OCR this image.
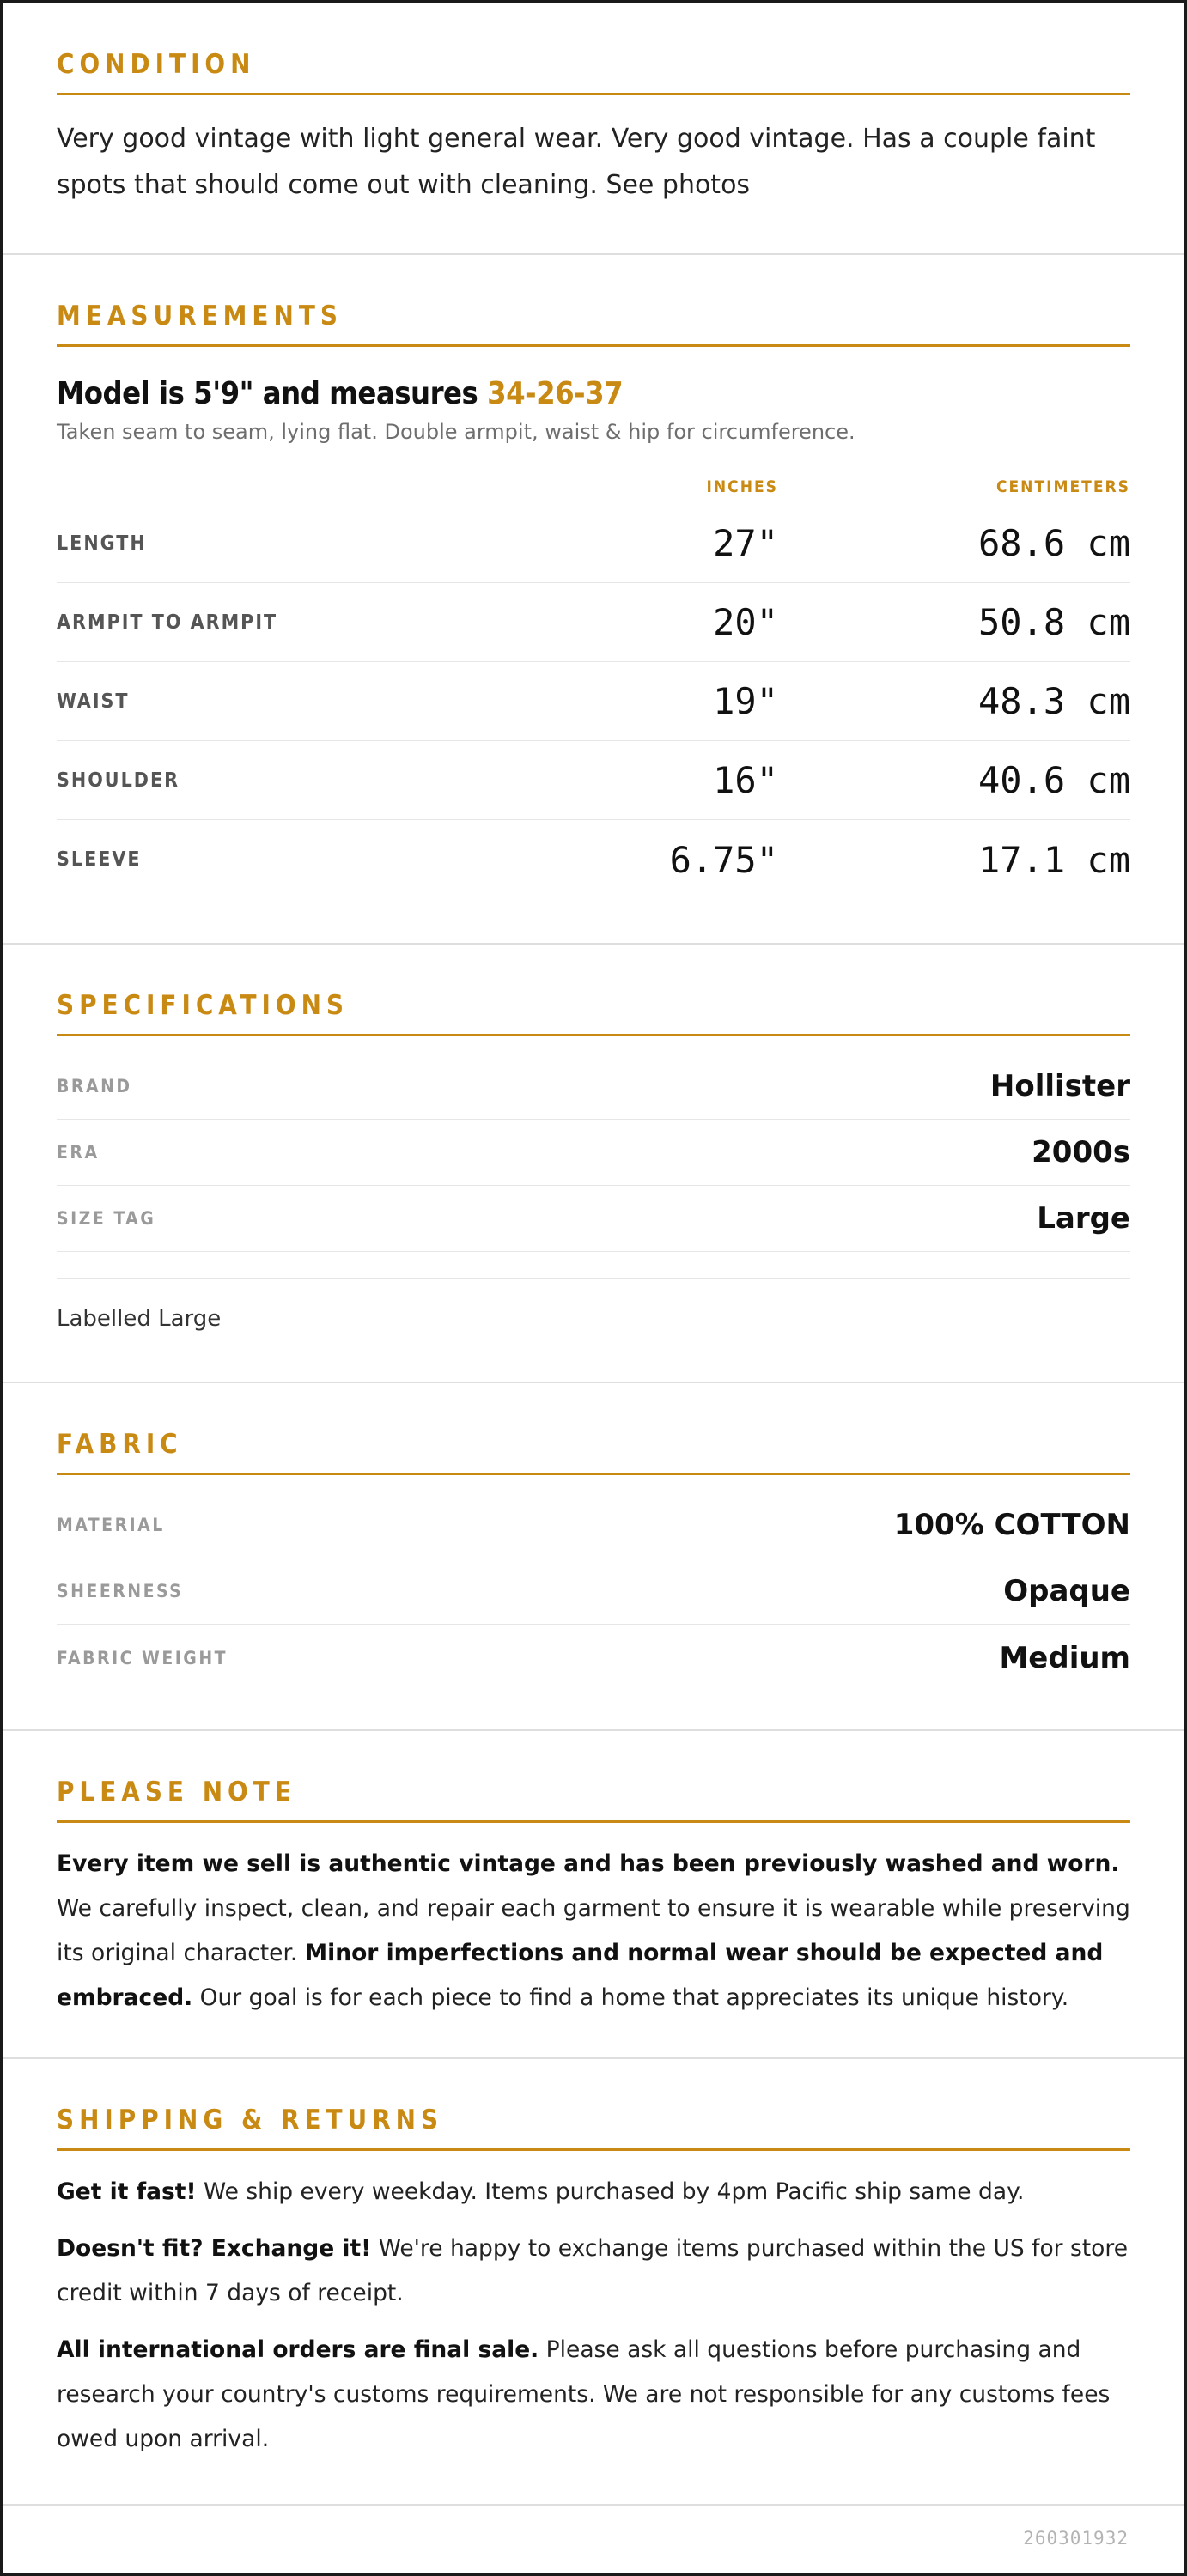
CONDITION

Very good vintage with light general wear. Very good vintage. Has a couple faint spots that should come out with cleaning. See photos

MEASUREMENTS
Model is 5'9" and measures 34-26-37
Taken seam to seam, lying flat. Double armpit, waist & hip for circumference.
INCHES	CENTIMETERS
LENGTH	27"	68.6 cm
ARMPIT TO ARMPIT	20"	50.8 cm
WAIST	19"	48.3 cm
SHOULDER	16"	40.6 cm
SLEEVE	6.75"	17.1 cm
SPECIFICATIONS
BRAND	Hollister
ERA	2000s
SIZE TAG	Large
Labelled Large
FABRIC
MATERIAL	100% COTTON
SHEERNESS	Opaque
FABRIC WEIGHT	Medium
PLEASE NOTE

Every item we sell is authentic vintage and has been previously washed and worn. We carefully inspect, clean, and repair each garment to ensure it is wearable while preserving its original character. Minor imperfections and normal wear should be expected and embraced. Our goal is for each piece to find a home that appreciates its unique history.

SHIPPING & RETURNS

Get it fast! We ship every weekday. Items purchased by 4pm Pacific ship same day.

Doesn't fit? Exchange it! We're happy to exchange items purchased within the US for store credit within 7 days of receipt.

All international orders are final sale. Please ask all questions before purchasing and research your country's customs requirements. We are not responsible for any customs fees owed upon arrival.

260301932
